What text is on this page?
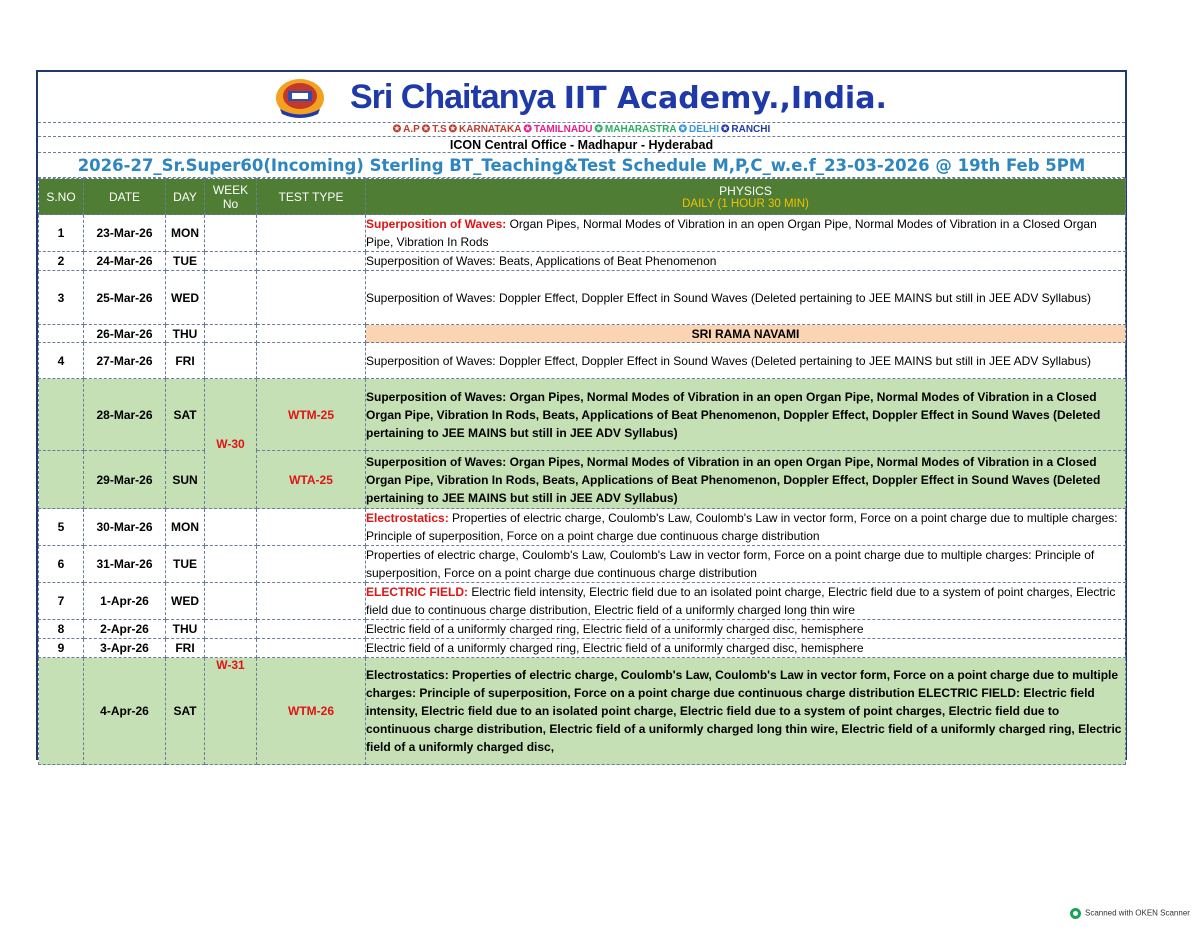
Sri Chaitanya IIT Academy.,India.
✪ A.P ✪ T.S ✪ KARNATAKA ✪ TAMILNADU ✪ MAHARASTRA ✪ DELHI ✪ RANCHI
ICON Central Office - Madhapur - Hyderabad
2026-27_Sr.Super60(Incoming) Sterling BT_Teaching&Test Schedule M,P,C_w.e.f_23-03-2026 @ 19th Feb 5PM
S.NO	DATE	DAY	WEEK No	TEST TYPE	PHYSICS
DAILY (1 HOUR 30 MIN)

1	23-Mar-26	MON			Superposition of Waves: Organ Pipes, Normal Modes of Vibration in an open Organ Pipe, Normal Modes of Vibration in a Closed Organ Pipe, Vibration In Rods
2	24-Mar-26	TUE			Superposition of Waves: Beats, Applications of Beat Phenomenon
3	25-Mar-26	WED			Superposition of Waves: Doppler Effect, Doppler Effect in Sound Waves (Deleted pertaining to JEE MAINS but still in JEE ADV Syllabus)
	26-Mar-26	THU			SRI RAMA NAVAMI
4	27-Mar-26	FRI			Superposition of Waves: Doppler Effect, Doppler Effect in Sound Waves (Deleted pertaining to JEE MAINS but still in JEE ADV Syllabus)
	28-Mar-26	SAT	W-30	WTM-25	Superposition of Waves: Organ Pipes, Normal Modes of Vibration in an open Organ Pipe, Normal Modes of Vibration in a Closed Organ Pipe, Vibration In Rods, Beats, Applications of Beat Phenomenon, Doppler Effect, Doppler Effect in Sound Waves (Deleted pertaining to JEE MAINS but still in JEE ADV Syllabus)
	29-Mar-26	SUN		WTA-25	Superposition of Waves: Organ Pipes, Normal Modes of Vibration in an open Organ Pipe, Normal Modes of Vibration in a Closed Organ Pipe, Vibration In Rods, Beats, Applications of Beat Phenomenon, Doppler Effect, Doppler Effect in Sound Waves (Deleted pertaining to JEE MAINS but still in JEE ADV Syllabus)
5	30-Mar-26	MON			Electrostatics: Properties of electric charge, Coulomb's Law, Coulomb's Law in vector form, Force on a point charge due to multiple charges: Principle of superposition, Force on a point charge due continuous charge distribution
6	31-Mar-26	TUE			Properties of electric charge, Coulomb's Law, Coulomb's Law in vector form, Force on a point charge due to multiple charges: Principle of superposition, Force on a point charge due continuous charge distribution
7	1-Apr-26	WED			ELECTRIC FIELD: Electric field intensity, Electric field due to an isolated point charge, Electric field due to a system of point charges, Electric field due to continuous charge distribution, Electric field of a uniformly charged long thin wire
8	2-Apr-26	THU			Electric field of a uniformly charged ring, Electric field of a uniformly charged disc, hemisphere
9	3-Apr-26	FRI			Electric field of a uniformly charged ring, Electric field of a uniformly charged disc, hemisphere
	4-Apr-26	SAT	W-31	WTM-26	Electrostatics: Properties of electric charge, Coulomb's Law, Coulomb's Law in vector form, Force on a point charge due to multiple charges: Principle of superposition, Force on a point charge due continuous charge distribution ELECTRIC FIELD: Electric field intensity, Electric field due to an isolated point charge, Electric field due to a system of point charges, Electric field due to continuous charge distribution, Electric field of a uniformly charged long thin wire, Electric field of a uniformly charged ring, Electric field of a uniformly charged disc,
Scanned with OKEN Scanner
